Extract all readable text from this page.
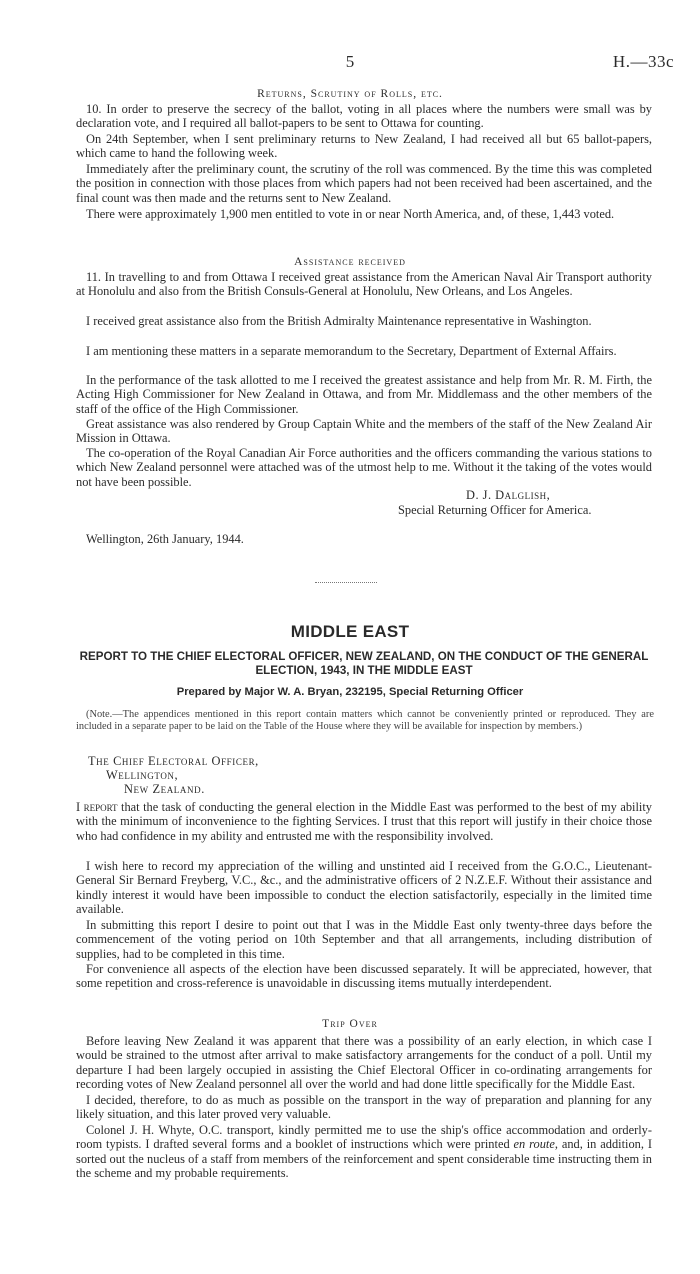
5	H.—33c
Returns, Scrutiny of Rolls, etc.
10. In order to preserve the secrecy of the ballot, voting in all places where the numbers were small was by declaration vote, and I required all ballot-papers to be sent to Ottawa for counting.
On 24th September, when I sent preliminary returns to New Zealand, I had received all but 65 ballot-papers, which came to hand the following week.
Immediately after the preliminary count, the scrutiny of the roll was commenced. By the time this was completed the position in connection with those places from which papers had not been received had been ascertained, and the final count was then made and the returns sent to New Zealand.
There were approximately 1,900 men entitled to vote in or near North America, and, of these, 1,443 voted.
Assistance received
11. In travelling to and from Ottawa I received great assistance from the American Naval Air Transport authority at Honolulu and also from the British Consuls-General at Honolulu, New Orleans, and Los Angeles.
I received great assistance also from the British Admiralty Maintenance representative in Washington.
I am mentioning these matters in a separate memorandum to the Secretary, Department of External Affairs.
In the performance of the task allotted to me I received the greatest assistance and help from Mr. R. M. Firth, the Acting High Commissioner for New Zealand in Ottawa, and from Mr. Middlemass and the other members of the staff of the office of the High Commissioner.
Great assistance was also rendered by Group Captain White and the members of the staff of the New Zealand Air Mission in Ottawa.
The co-operation of the Royal Canadian Air Force authorities and the officers commanding the various stations to which New Zealand personnel were attached was of the utmost help to me. Without it the taking of the votes would not have been possible.
D. J. Dalglish,
Special Returning Officer for America.
Wellington, 26th January, 1944.
MIDDLE EAST
REPORT TO THE CHIEF ELECTORAL OFFICER, NEW ZEALAND, ON THE CONDUCT OF THE GENERAL ELECTION, 1943, IN THE MIDDLE EAST
Prepared by Major W. A. Bryan, 232195, Special Returning Officer
(Note.—The appendices mentioned in this report contain matters which cannot be conveniently printed or reproduced. They are included in a separate paper to be laid on the Table of the House where they will be available for inspection by members.)
The Chief Electoral Officer,
Wellington,
New Zealand.
I report that the task of conducting the general election in the Middle East was performed to the best of my ability with the minimum of inconvenience to the fighting Services. I trust that this report will justify in their choice those who had confidence in my ability and entrusted me with the responsibility involved.
I wish here to record my appreciation of the willing and unstinted aid I received from the G.O.C., Lieutenant-General Sir Bernard Freyberg, V.C., &c., and the administrative officers of 2 N.Z.E.F. Without their assistance and kindly interest it would have been impossible to conduct the election satisfactorily, especially in the limited time available.
In submitting this report I desire to point out that I was in the Middle East only twenty-three days before the commencement of the voting period on 10th September and that all arrangements, including distribution of supplies, had to be completed in this time.
For convenience all aspects of the election have been discussed separately. It will be appreciated, however, that some repetition and cross-reference is unavoidable in discussing items mutually interdependent.
Trip Over
Before leaving New Zealand it was apparent that there was a possibility of an early election, in which case I would be strained to the utmost after arrival to make satisfactory arrangements for the conduct of a poll. Until my departure I had been largely occupied in assisting the Chief Electoral Officer in co-ordinating arrangements for recording votes of New Zealand personnel all over the world and had done little specifically for the Middle East.
I decided, therefore, to do as much as possible on the transport in the way of preparation and planning for any likely situation, and this later proved very valuable.
Colonel J. H. Whyte, O.C. transport, kindly permitted me to use the ship's office accommodation and orderly-room typists. I drafted several forms and a booklet of instructions which were printed en route, and, in addition, I sorted out the nucleus of a staff from members of the reinforcement and spent considerable time instructing them in the scheme and my probable requirements.
